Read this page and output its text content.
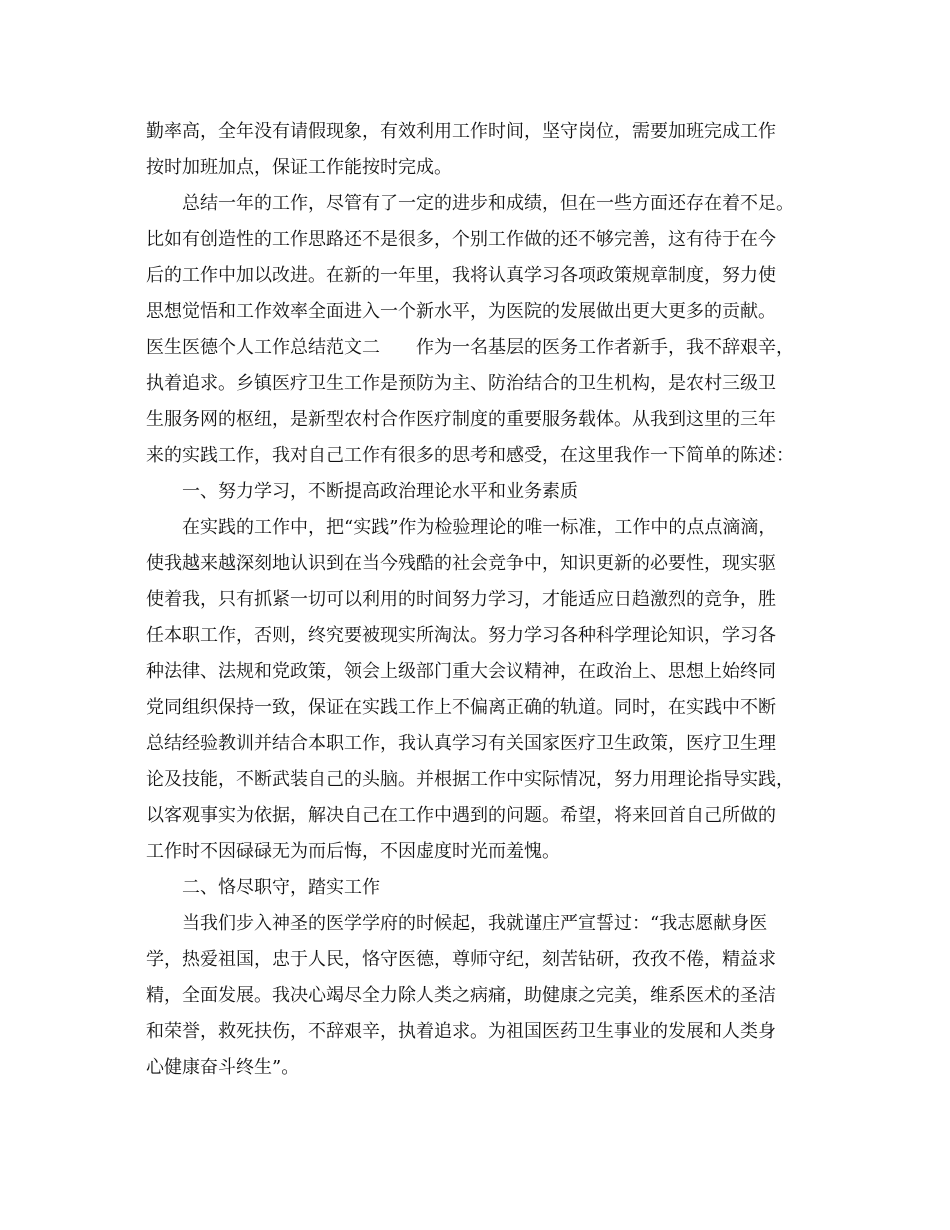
勤率高，全年没有请假现象，有效利用工作时间，坚守岗位，需要加班完成工作
按时加班加点，保证工作能按时完成。
总结一年的工作，尽管有了一定的进步和成绩，但在一些方面还存在着不足。
比如有创造性的工作思路还不是很多，个别工作做的还不够完善，这有待于在今
后的工作中加以改进。在新的一年里，我将认真学习各项政策规章制度，努力使
思想觉悟和工作效率全面进入一个新水平，为医院的发展做出更大更多的贡献。
医生医德个人工作总结范文二　　作为一名基层的医务工作者新手，我不辞艰辛，
执着追求。乡镇医疗卫生工作是预防为主、防治结合的卫生机构，是农村三级卫
生服务网的枢纽，是新型农村合作医疗制度的重要服务载体。从我到这里的三年
来的实践工作，我对自己工作有很多的思考和感受，在这里我作一下简单的陈述：
一、努力学习，不断提高政治理论水平和业务素质
在实践的工作中，把“实践”作为检验理论的唯一标准，工作中的点点滴滴，
使我越来越深刻地认识到在当今残酷的社会竞争中，知识更新的必要性，现实驱
使着我，只有抓紧一切可以利用的时间努力学习，才能适应日趋激烈的竞争，胜
任本职工作，否则，终究要被现实所淘汰。努力学习各种科学理论知识，学习各
种法律、法规和党政策，领会上级部门重大会议精神，在政治上、思想上始终同
党同组织保持一致，保证在实践工作上不偏离正确的轨道。同时，在实践中不断
总结经验教训并结合本职工作，我认真学习有关国家医疗卫生政策，医疗卫生理
论及技能，不断武装自己的头脑。并根据工作中实际情况，努力用理论指导实践，
以客观事实为依据，解决自己在工作中遇到的问题。希望，将来回首自己所做的
工作时不因碌碌无为而后悔，不因虚度时光而羞愧。
二、恪尽职守，踏实工作
当我们步入神圣的医学学府的时候起，我就谨庄严宣誓过：“我志愿献身医
学，热爱祖国，忠于人民，恪守医德，尊师守纪，刻苦钻研，孜孜不倦，精益求
精，全面发展。我决心竭尽全力除人类之病痛，助健康之完美，维系医术的圣洁
和荣誉，救死扶伤，不辞艰辛，执着追求。为祖国医药卫生事业的发展和人类身
心健康奋斗终生”。
